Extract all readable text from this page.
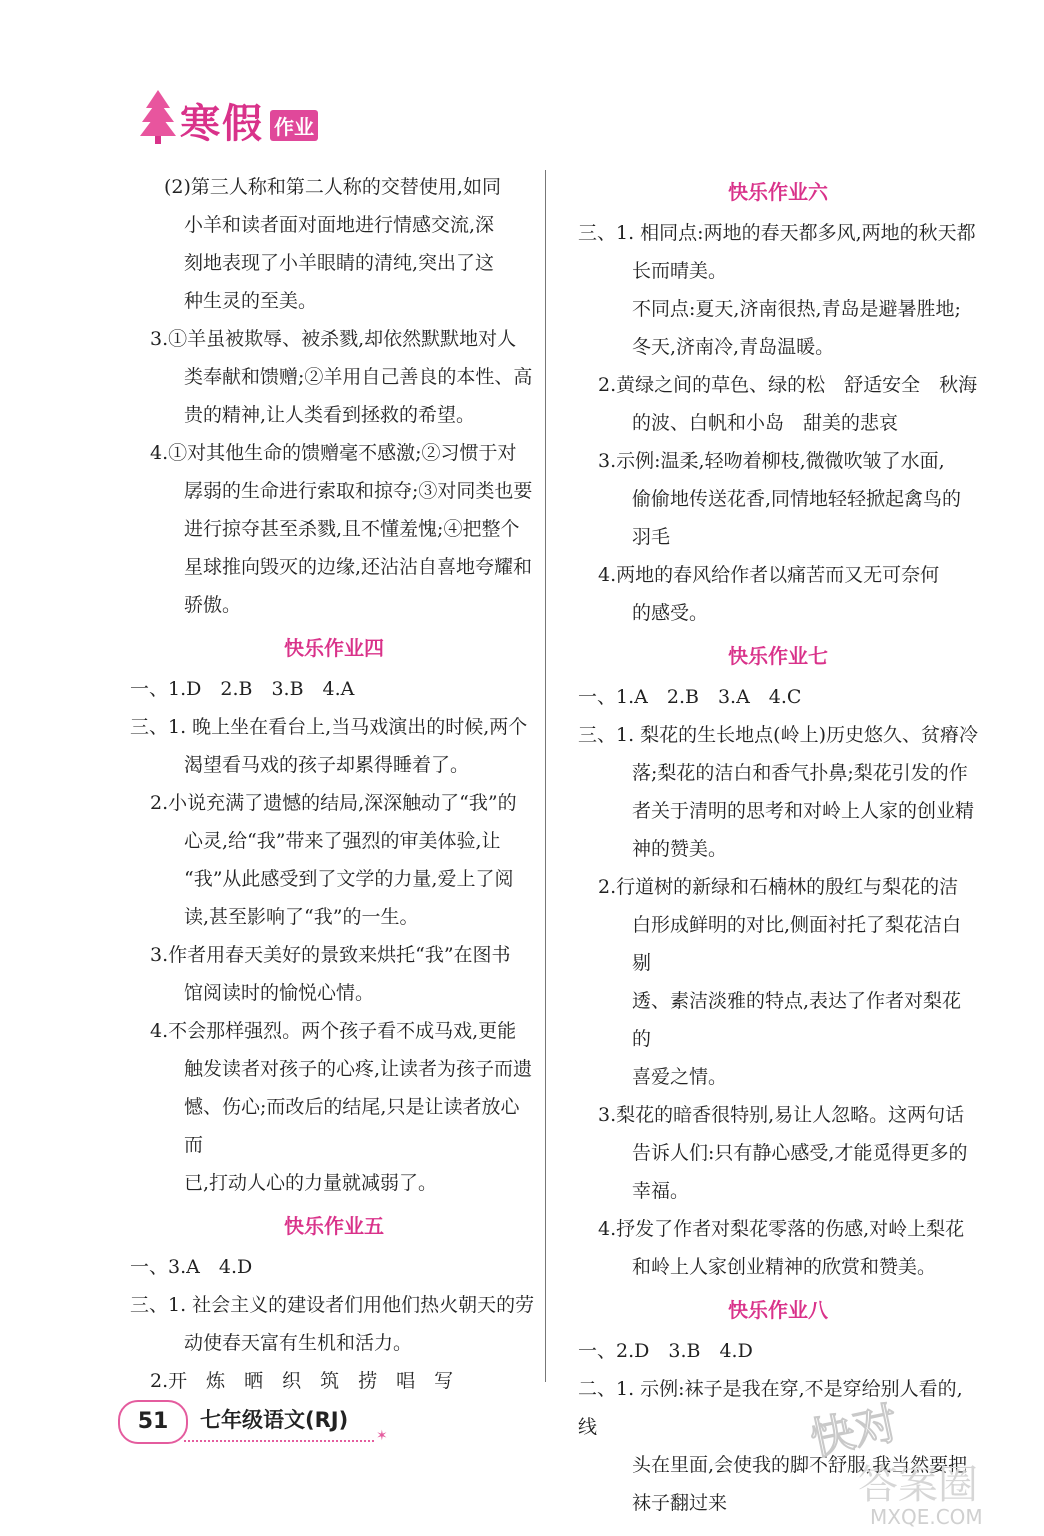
寒假 作业

(2)第三人称和第二人称的交替使用,如同

小羊和读者面对面地进行情感交流,深

刻地表现了小羊眼睛的清纯,突出了这

种生灵的至美。

3.①羊虽被欺辱、被杀戮,却依然默默地对人

类奉献和馈赠;②羊用自己善良的本性、高

贵的精神,让人类看到拯救的希望。

4.①对其他生命的馈赠毫不感激;②习惯于对

孱弱的生命进行索取和掠夺;③对同类也要

进行掠夺甚至杀戮,且不懂羞愧;④把整个

星球推向毁灭的边缘,还沾沾自喜地夸耀和

骄傲。

快乐作业四

一、1.D　2.B　3.B　4.A

三、1. 晚上坐在看台上,当马戏演出的时候,两个

渴望看马戏的孩子却累得睡着了。

2.小说充满了遗憾的结局,深深触动了“我”的

心灵,给“我”带来了强烈的审美体验,让

“我”从此感受到了文学的力量,爱上了阅

读,甚至影响了“我”的一生。

3.作者用春天美好的景致来烘托“我”在图书

馆阅读时的愉悦心情。

4.不会那样强烈。两个孩子看不成马戏,更能

触发读者对孩子的心疼,让读者为孩子而遗

憾、伤心;而改后的结尾,只是让读者放心而

已,打动人心的力量就减弱了。

快乐作业五

一、3.A　4.D

三、1. 社会主义的建设者们用他们热火朝天的劳

动使春天富有生机和活力。

2.开　炼　晒　织　筑　捞　唱　写

快乐作业六

三、1. 相同点:两地的春天都多风,两地的秋天都

长而晴美。

不同点:夏天,济南很热,青岛是避暑胜地;

冬天,济南冷,青岛温暖。

2.黄绿之间的草色、绿的松　舒适安全　秋海

的波、白帆和小岛　甜美的悲哀

3.示例:温柔,轻吻着柳枝,微微吹皱了水面,

偷偷地传送花香,同情地轻轻掀起禽鸟的

羽毛

4.两地的春风给作者以痛苦而又无可奈何

的感受。

快乐作业七

一、1.A　2.B　3.A　4.C

三、1. 梨花的生长地点(岭上)历史悠久、贫瘠冷

落;梨花的洁白和香气扑鼻;梨花引发的作

者关于清明的思考和对岭上人家的创业精

神的赞美。

2.行道树的新绿和石楠林的殷红与梨花的洁

白形成鲜明的对比,侧面衬托了梨花洁白剔

透、素洁淡雅的特点,表达了作者对梨花的

喜爱之情。

3.梨花的暗香很特别,易让人忽略。这两句话

告诉人们:只有静心感受,才能觅得更多的

幸福。

4.抒发了作者对梨花零落的伤感,对岭上梨花

和岭上人家创业精神的欣赏和赞美。

快乐作业八

一、2.D　3.B　4.D

二、1. 示例:袜子是我在穿,不是穿给别人看的,线

头在里面,会使我的脚不舒服,我当然要把

袜子翻过来

51	七年级语文(RJ)
✶	快对
答案圈
MXQE.COM
